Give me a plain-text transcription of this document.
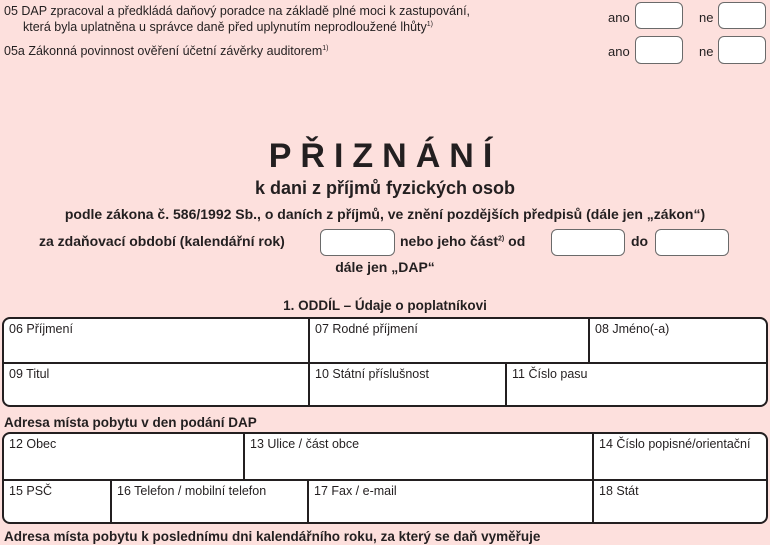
05 DAP zpracoval a předkládá daňový poradce na základě plné moci k zastupování,
která byla uplatněna u správce daně před uplynutím neprodloužené lhůty$^{1)}$	ano	ne
05a Zákonná povinnost ověření účetní závěrky auditorem$^{1)}$	ano	ne
PŘIZNÁNÍ
k dani z příjmů fyzických osob
podle zákona č. 586/1992 Sb., o daních z příjmů, ve znění pozdějších předpisů (dále jen „zákon“)
za zdaňovací období (kalendářní rok)	nebo jeho část$^{2)}$ od	do
dále jen „DAP“
1. ODDÍL – Údaje o poplatníkovi
06 Příjmení	07 Rodné příjmení	08 Jméno(-a)
09 Titul	10 Státní příslušnost	11 Číslo pasu
Adresa místa pobytu v den podání DAP
12 Obec	13 Ulice / část obce	14 Číslo popisné/orientační
15 PSČ	16 Telefon / mobilní telefon	17 Fax / e-mail	18 Stát
Adresa místa pobytu k poslednímu dni kalendářního roku, za který se daň vyměřuje
